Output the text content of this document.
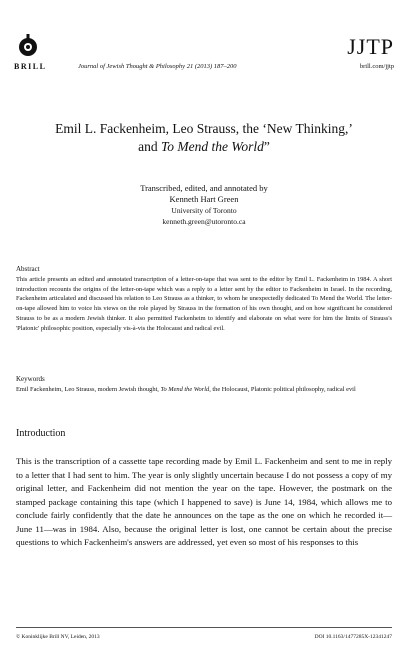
BRILL	Journal of Jewish Thought & Philosophy 21 (2013) 187–200
JJTP
brill.com/jjtp
Emil L. Fackenheim, Leo Strauss, the ‘New Thinking,’
and To Mend the World”
Transcribed, edited, and annotated by
Kenneth Hart Green
University of Toronto
kenneth.green@utoronto.ca
Abstract
This article presents an edited and annotated transcription of a letter-on-tape that was sent to the editor by Emil L. Fackenheim in 1984. A short introduction recounts the origins of the letter-on-tape which was a reply to a letter sent by the editor to Fackenheim in Israel. In the recording, Fackenheim articulated and discussed his relation to Leo Strauss as a thinker, to whom he unexpectedly dedicated To Mend the World. The letter-on-tape allowed him to voice his views on the role played by Strauss in the formation of his own thought, and on how significant he considered Strauss to be as a modern Jewish thinker. It also permitted Fackenheim to identify and elaborate on what were for him the limits of Strauss's 'Platonic' philosophic position, especially vis-à-vis the Holocaust and radical evil.
Keywords
Emil Fackenheim, Leo Strauss, modern Jewish thought, To Mend the World, the Holocaust, Platonic political philosophy, radical evil
Introduction
This is the transcription of a cassette tape recording made by Emil L. Fackenheim and sent to me in reply to a letter that I had sent to him. The year is only slightly uncertain because I do not possess a copy of my original letter, and Fackenheim did not mention the year on the tape. However, the postmark on the stamped package containing this tape (which I happened to save) is June 14, 1984, which allows me to conclude fairly confidently that the date he announces on the tape as the one on which he recorded it—June 11—was in 1984. Also, because the original letter is lost, one cannot be certain about the precise questions to which Fackenheim's answers are addressed, yet even so most of his responses to this
© Koninklijke Brill NV, Leiden, 2013	DOI 10.1163/1477285X-12341247
